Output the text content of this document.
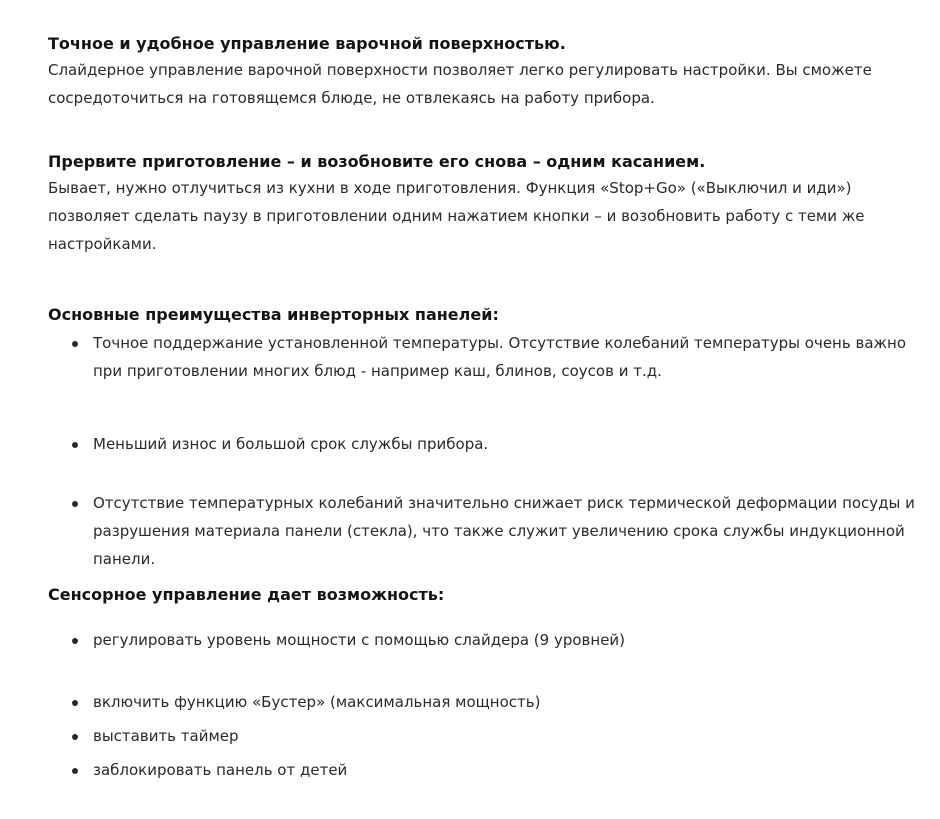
Точное и удобное управление варочной поверхностью.
Слайдерное управление варочной поверхности позволяет легко регулировать настройки. Вы сможете сосредоточиться на готовящемся блюде, не отвлекаясь на работу прибора.
Прервите приготовление – и возобновите его снова – одним касанием.
Бывает, нужно отлучиться из кухни в ходе приготовления. Функция «Stop+Go» («Выключил и иди») позволяет сделать паузу в приготовлении одним нажатием кнопки – и возобновить работу с теми же настройками.
Основные преимущества инверторных панелей:
Точное поддержание установленной температуры. Отсутствие колебаний температуры очень важно при приготовлении многих блюд - например каш, блинов, соусов и т.д.
Меньший износ и большой срок службы прибора.
Отсутствие температурных колебаний значительно снижает риск термической деформации посуды и разрушения материала панели (стекла), что также служит увеличению срока службы индукционной панели.
Сенсорное управление дает возможность:
регулировать уровень мощности с помощью слайдера (9 уровней)
включить функцию «Бустер» (максимальная мощность)
выставить таймер
заблокировать панель от детей
